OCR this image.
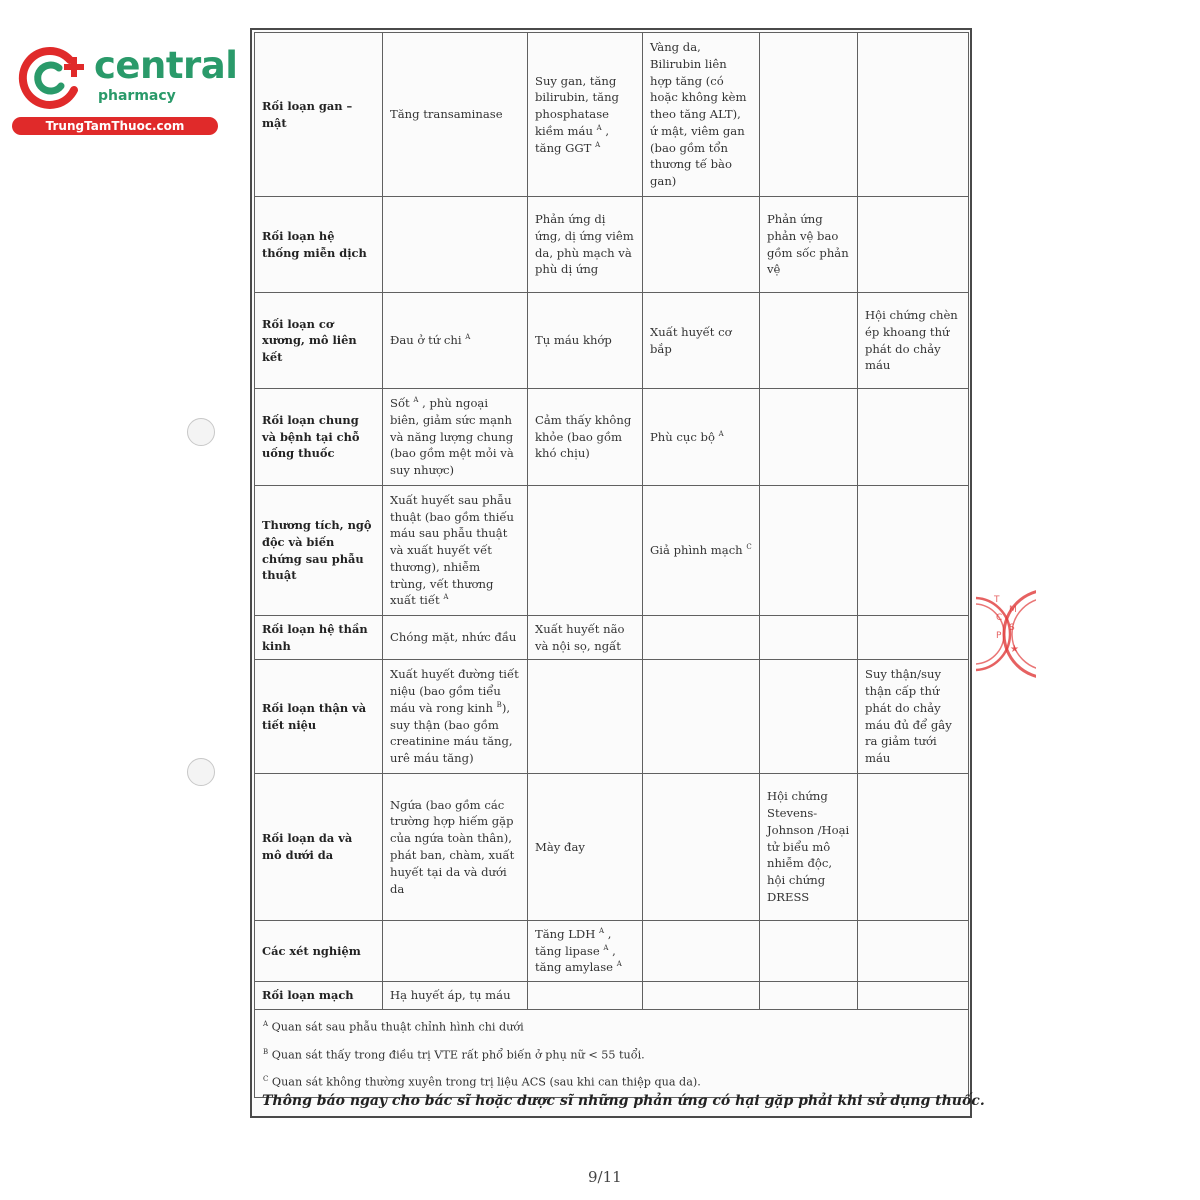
central
pharmacy
TrungTamThuoc.com
Rối loạn gan – mật	Tăng transaminase	Suy gan, tăng bilirubin, tăng phosphatase kiềm máu $^A$ , tăng GGT $^A$	Vàng da, Bilirubin liên hợp tăng (có hoặc không kèm theo tăng ALT), ứ mật, viêm gan (bao gồm tổn thương tế bào gan)		
Rối loạn hệ thống miễn dịch		Phản ứng dị ứng, dị ứng viêm da, phù mạch và phù dị ứng		Phản ứng phản vệ bao gồm sốc phản vệ	
Rối loạn cơ xương, mô liên kết	Đau ở tứ chi $^A$	Tụ máu khớp	Xuất huyết cơ bắp		Hội chứng chèn ép khoang thứ phát do chảy máu
Rối loạn chung và bệnh tại chỗ uống thuốc	Sốt $^A$ , phù ngoại biên, giảm sức mạnh và năng lượng chung (bao gồm mệt mỏi và suy nhược)	Cảm thấy không khỏe (bao gồm khó chịu)	Phù cục bộ $^A$		
Thương tích, ngộ độc và biến chứng sau phẫu thuật	Xuất huyết sau phẫu thuật (bao gồm thiếu máu sau phẫu thuật và xuất huyết vết thương), nhiễm trùng, vết thương xuất tiết $^A$		Giả phình mạch $^C$		
Rối loạn hệ thần kinh	Chóng mặt, nhức đầu	Xuất huyết não và nội sọ, ngất			
Rối loạn thận và tiết niệu	Xuất huyết đường tiết niệu (bao gồm tiểu máu và rong kinh $^B$), suy thận (bao gồm creatinine máu tăng, urê máu tăng)				Suy thận/suy thận cấp thứ phát do chảy máu đủ để gây ra giảm tưới máu
Rối loạn da và mô dưới da	Ngứa (bao gồm các trường hợp hiếm gặp của ngứa toàn thân), phát ban, chàm, xuất huyết tại da và dưới da	Mày đay		Hội chứng Stevens-Johnson /Hoại tử biểu mô nhiễm độc, hội chứng DRESS	
Các xét nghiệm		Tăng LDH $^A$ , tăng lipase $^A$ , tăng amylase $^A$			
Rối loạn mạch	Hạ huyết áp, tụ máu				

$^A$ Quan sát sau phẫu thuật chỉnh hình chi dưới
$^B$ Quan sát thấy trong điều trị VTE rất phổ biến ở phụ nữ < 55 tuổi.
$^C$ Quan sát không thường xuyên trong trị liệu ACS (sau khi can thiệp qua da).					
Thông báo ngay cho bác sĩ hoặc dược sĩ những phản ứng có hại gặp phải khi sử dụng thuốc.
9/11
T
C
P
M
S
★
